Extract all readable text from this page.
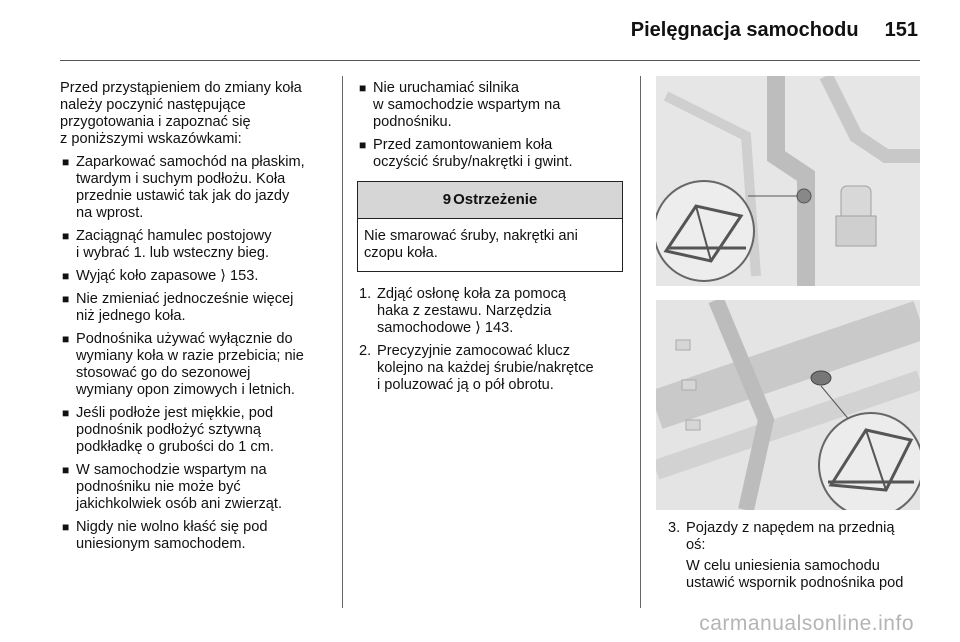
Pielęgnacja samochodu 151

Przed przystąpieniem do zmiany koła
należy poczynić następujące
przygotowania i zapoznać się
z poniższymi wskazówkami:

■ Zaparkować samochód na płaskim,
twardym i suchym podłożu. Koła
przednie ustawić tak jak do jazdy
na wprost.
■ Zaciągnąć hamulec postojowy
i wybrać 1. lub wsteczny bieg.
■ Wyjąć koło zapasowe ⟩ 153.
■ Nie zmieniać jednocześnie więcej
niż jednego koła.
■ Podnośnika używać wyłącznie do
wymiany koła w razie przebicia; nie
stosować go do sezonowej
wymiany opon zimowych i letnich.
■ Jeśli podłoże jest miękkie, pod
podnośnik podłożyć sztywną
podkładkę o grubości do 1 cm.
■ W samochodzie wspartym na
podnośniku nie może być
jakichkolwiek osób ani zwierząt.
■ Nigdy nie wolno kłaść się pod
uniesionym samochodem.
■ Nie uruchamiać silnika
w samochodzie wspartym na
podnośniku.
■ Przed zamontowaniem koła
oczyścić śruby/nakrętki i gwint.
9 Ostrzeżenie
Nie smarować śruby, nakrętki ani
czopu koła.
1. Zdjąć osłonę koła za pomocą
haka z zestawu. Narzędzia
samochodowe ⟩ 143.
2. Precyzyjnie zamocować klucz
kolejno na każdej śrubie/nakrętce
i poluzować ją o pół obrotu.
3. Pojazdy z napędem na przednią
oś:

W celu uniesienia samochodu
ustawić wspornik podnośnika pod

carmanualsonline.info
